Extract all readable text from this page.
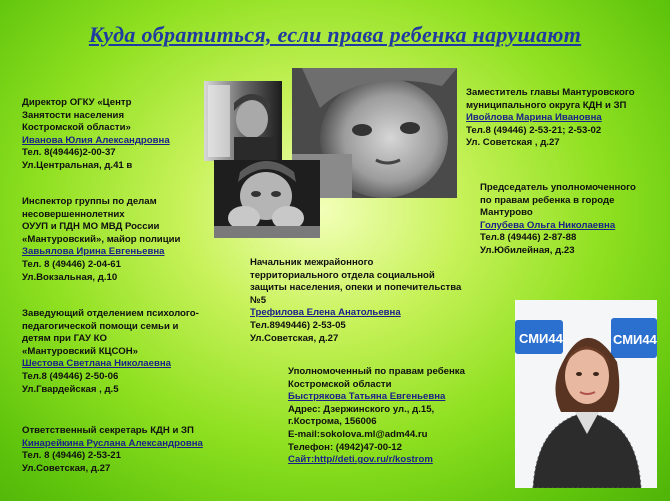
Куда обратиться, если права ребенка нарушают
СМИ44	СМИ44
Директор ОГКУ «Центр
Занятости населения
Костромской области»
Иванова Юлия Александровна
Тел. 8(49446)2-00-37
Ул.Центральная, д.41 в
Инспектор группы по делам
несовершеннолетних
ОУУП и ПДН МО МВД России
«Мантуровский», майор полиции
Завьялова Ирина Евгеньевна
Тел. 8 (49446) 2-04-61
Ул.Вокзальная, д.10
Заведующий отделением психолого-
педагогической помощи семьи и
детям при ГАУ КО
«Мантуровский КЦСОН»
Шестова Светлана Николаевна
Тел.8 (49446) 2-50-06
Ул.Гвардейская , д.5
Ответственный секретарь КДН и ЗП
Кинарейкина Руслана Александровна
Тел. 8 (49446) 2-53-21
Ул.Советская, д.27
Заместитель главы Мантуровского
муниципального округа КДН и ЗП
Ивойлова Марина Ивановна
Тел.8 (49446) 2-53-21; 2-53-02
Ул. Советская , д.27
Председатель уполномоченного
по правам ребенка в городе
Мантурово
Голубева Ольга Николаевна
Тел.8 (49446) 2-87-88
Ул.Юбилейная, д.23
Начальник межрайонного
территориального отдела социальной
защиты населения, опеки и попечительства
№5
Трефилова Елена Анатольевна
Тел.8949446) 2-53-05
Ул.Советская, д.27
Уполномоченный по правам ребенка
Костромской области
Быстрякова Татьяна Евгеньевна
Адрес: Дзержинского ул., д.15,
г.Кострома, 156006
E-mail:sokolova.ml@adm44.ru
Телефон: (4942)47-00-12
Сайт:http//deti.gov.ru/r/kostrom
